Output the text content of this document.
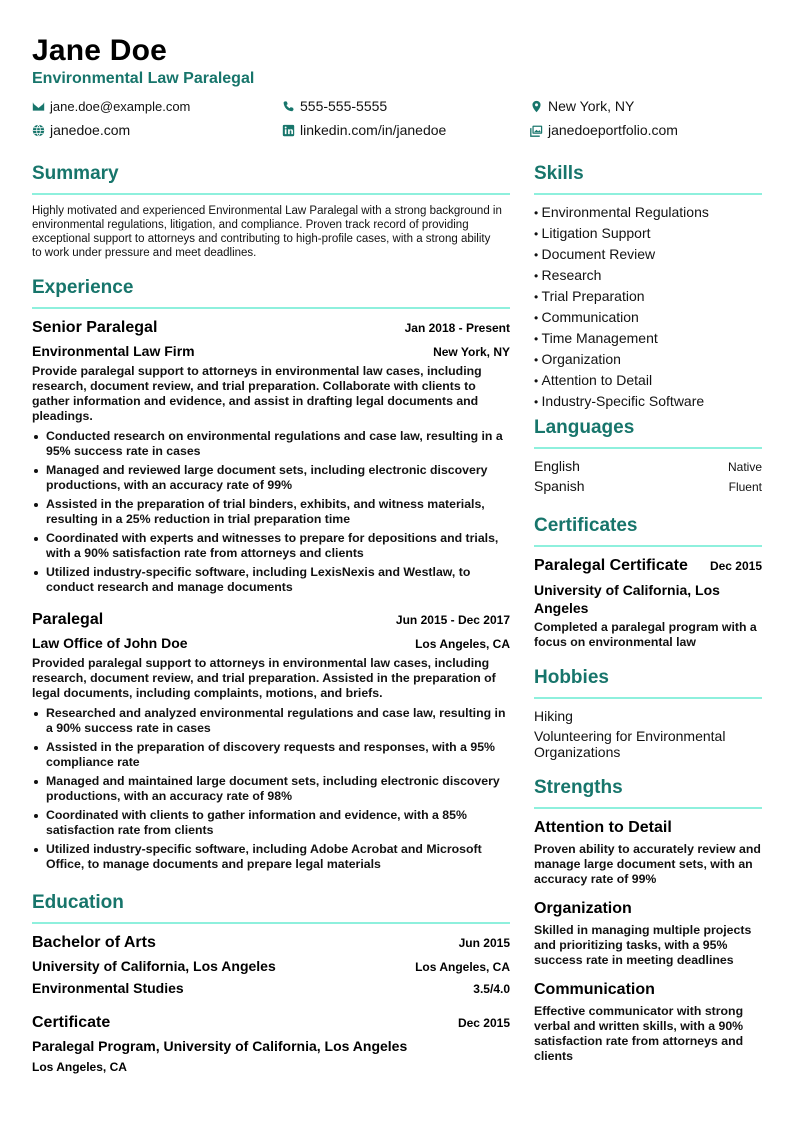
Jane Doe
Environmental Law Paralegal
jane.doe@example.com	555-555-5555	New York, NY
janedoe.com	linkedin.com/in/janedoe	janedoeportfolio.com
Summary
Highly motivated and experienced Environmental Law Paralegal with a strong background in environmental regulations, litigation, and compliance. Proven track record of providing exceptional support to attorneys and contributing to high-profile cases, with a strong ability to work under pressure and meet deadlines.
Experience
Senior Paralegal	Jan 2018 - Present
Environmental Law Firm	New York, NY
Provide paralegal support to attorneys in environmental law cases, including research, document review, and trial preparation. Collaborate with clients to gather information and evidence, and assist in drafting legal documents and pleadings.
Conducted research on environmental regulations and case law, resulting in a 95% success rate in cases
Managed and reviewed large document sets, including electronic discovery productions, with an accuracy rate of 99%
Assisted in the preparation of trial binders, exhibits, and witness materials, resulting in a 25% reduction in trial preparation time
Coordinated with experts and witnesses to prepare for depositions and trials, with a 90% satisfaction rate from attorneys and clients
Utilized industry-specific software, including LexisNexis and Westlaw, to conduct research and manage documents
Paralegal	Jun 2015 - Dec 2017
Law Office of John Doe	Los Angeles, CA
Provided paralegal support to attorneys in environmental law cases, including research, document review, and trial preparation. Assisted in the preparation of legal documents, including complaints, motions, and briefs.
Researched and analyzed environmental regulations and case law, resulting in a 90% success rate in cases
Assisted in the preparation of discovery requests and responses, with a 95% compliance rate
Managed and maintained large document sets, including electronic discovery productions, with an accuracy rate of 98%
Coordinated with clients to gather information and evidence, with a 85% satisfaction rate from clients
Utilized industry-specific software, including Adobe Acrobat and Microsoft Office, to manage documents and prepare legal materials
Education
Bachelor of Arts	Jun 2015
University of California, Los Angeles	Los Angeles, CA
Environmental Studies	3.5/4.0
Certificate	Dec 2015
Paralegal Program, University of California, Los Angeles
Los Angeles, CA
Skills
• Environmental Regulations
• Litigation Support
• Document Review
• Research
• Trial Preparation
• Communication
• Time Management
• Organization
• Attention to Detail
• Industry-Specific Software
Languages
English	Native
Spanish	Fluent
Certificates
Paralegal Certificate Dec 2015
University of California, Los Angeles
Completed a paralegal program with a focus on environmental law
Hobbies
Hiking
Volunteering for Environmental Organizations
Strengths
Attention to Detail
Proven ability to accurately review and manage large document sets, with an accuracy rate of 99%
Organization
Skilled in managing multiple projects and prioritizing tasks, with a 95% success rate in meeting deadlines
Communication
Effective communicator with strong verbal and written skills, with a 90% satisfaction rate from attorneys and clients
